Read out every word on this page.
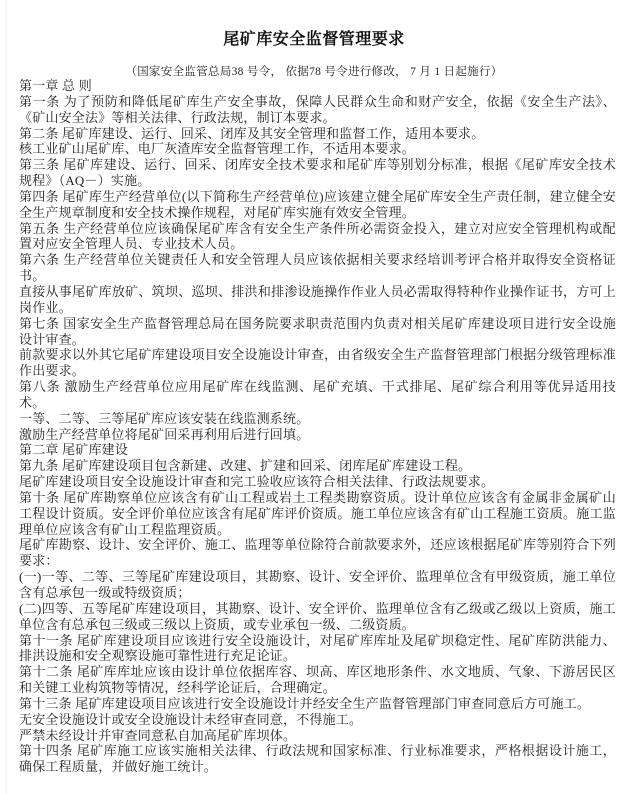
尾矿库安全监督管理要求
（国家安全监管总局38 号令， 依据78 号令进行修改， 7 月 1 日起施行）

第一章 总 则

第一条 为了预防和降低尾矿库生产安全事故，保障人民群众生命和财产安全，依据《安全生产法》、《矿山安全法》等相关法律、行政法规，制订本要求。

第二条 尾矿库建设、运行、回采、闭库及其安全管理和监督工作，适用本要求。

核工业矿山尾矿库、电厂灰渣库安全监督管理工作，不适用本要求。

第三条 尾矿库建设、运行、回采、闭库安全技术要求和尾矿库等别划分标准，根据《尾矿库安全技术规程》（AQ－）实施。

第四条 尾矿库生产经营单位(以下简称生产经营单位)应该建立健全尾矿库安全生产责任制，建立健全安全生产规章制度和安全技术操作规程，对尾矿库实施有效安全管理。

第五条 生产经营单位应该确保尾矿库含有安全生产条件所必需资金投入，建立对应安全管理机构或配置对应安全管理人员、专业技术人员。

第六条 生产经营单位关键责任人和安全管理人员应该依据相关要求经培训考评合格并取得安全资格证书。

直接从事尾矿库放矿、筑坝、巡坝、排洪和排渗设施操作作业人员必需取得特种作业操作证书，方可上岗作业。

第七条 国家安全生产监督管理总局在国务院要求职责范围内负责对相关尾矿库建设项目进行安全设施设计审查。

前款要求以外其它尾矿库建设项目安全设施设计审查，由省级安全生产监督管理部门根据分级管理标准作出要求。

第八条 激励生产经营单位应用尾矿库在线监测、尾矿充填、干式排尾、尾矿综合利用等优异适用技术。

一等、二等、三等尾矿库应该安装在线监测系统。

激励生产经营单位将尾矿回采再利用后进行回填。

第二章 尾矿库建设

第九条 尾矿库建设项目包含新建、改建、扩建和回采、闭库尾矿库建设工程。

尾矿库建设项目安全设施设计审查和完工验收应该符合相关法律、行政法规要求。

第十条 尾矿库勘察单位应该含有矿山工程或岩土工程类勘察资质。设计单位应该含有金属非金属矿山工程设计资质。安全评价单位应该含有尾矿库评价资质。施工单位应该含有矿山工程施工资质。施工监理单位应该含有矿山工程监理资质。

尾矿库勘察、设计、安全评价、施工、监理等单位除符合前款要求外，还应该根据尾矿库等别符合下列要求：

(一)一等、二等、三等尾矿库建设项目，其勘察、设计、安全评价、监理单位含有甲级资质，施工单位含有总承包一级或特级资质；

(二)四等、五等尾矿库建设项目，其勘察、设计、安全评价、监理单位含有乙级或乙级以上资质，施工单位含有总承包三级或三级以上资质，或专业承包一级、二级资质。

第十一条 尾矿库建设项目应该进行安全设施设计，对尾矿库库址及尾矿坝稳定性、尾矿库防洪能力、排洪设施和安全观察设施可靠性进行充足论证。

第十二条 尾矿库库址应该由设计单位依据库容、坝高、库区地形条件、水文地质、气象、下游居民区和关键工业构筑物等情况，经科学论证后，合理确定。

第十三条 尾矿库建设项目应该进行安全设施设计并经安全生产监督管理部门审查同意后方可施工。

无安全设施设计或安全设施设计未经审查同意，不得施工。

严禁未经设计并审查同意私自加高尾矿库坝体。

第十四条 尾矿库施工应该实施相关法律、行政法规和国家标准、行业标准要求，严格根据设计施工，确保工程质量，并做好施工统计。
